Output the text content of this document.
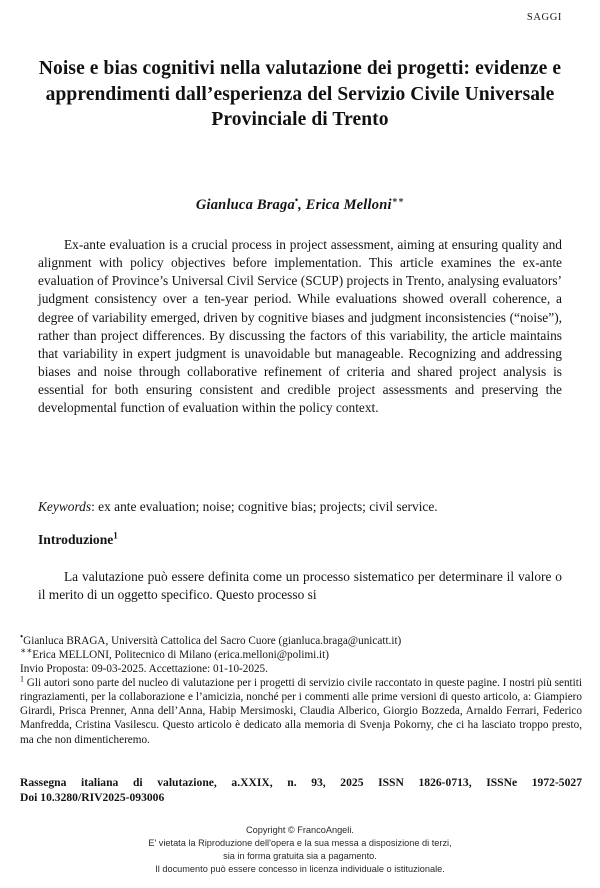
SAGGI
Noise e bias cognitivi nella valutazione dei progetti: evidenze e apprendimenti dall’esperienza del Servizio Civile Universale Provinciale di Trento
Gianluca Braga•, Erica Melloni∗∗

Ex-ante evaluation is a crucial process in project assessment, aiming at ensuring quality and alignment with policy objectives before implementation. This article examines the ex-ante evaluation of Province’s Universal Civil Service (SCUP) projects in Trento, analysing evaluators’ judgment consistency over a ten-year period. While evaluations showed overall coherence, a degree of variability emerged, driven by cognitive biases and judgment inconsistencies (“noise”), rather than project differences. By discussing the factors of this variability, the article maintains that variability in expert judgment is unavoidable but manageable. Recognizing and addressing biases and noise through collaborative refinement of criteria and shared project analysis is essential for both ensuring consistent and credible project assessments and preserving the developmental function of evaluation within the policy context.

Keywords: ex ante evaluation; noise; cognitive bias; projects; civil service.

Introduzione$^1$

La valutazione può essere definita come un processo sistematico per determinare il valore o il merito di un oggetto specifico. Questo processo si

•Gianluca BRAGA, Università Cattolica del Sacro Cuore (gianluca.braga@unicatt.it)

∗∗Erica MELLONI, Politecnico di Milano (erica.melloni@polimi.it)

Invio Proposta: 09-03-2025. Accettazione: 01-10-2025.

$^1$ Gli autori sono parte del nucleo di valutazione per i progetti di servizio civile raccontato in queste pagine. I nostri più sentiti ringraziamenti, per la collaborazione e l’amicizia, nonché per i commenti alle prime versioni di questo articolo, a: Giampiero Girardi, Prisca Prenner, Anna dell’Anna, Habip Mersimoski, Claudia Alberico, Giorgio Bozzeda, Arnaldo Ferrari, Federico Manfredda, Cristina Vasilescu. Questo articolo è dedicato alla memoria di Svenja Pokorny, che ci ha lasciato troppo presto, ma che non dimenticheremo.

Rassegna italiana di valutazione, a.XXIX, n. 93, 2025 ISSN 1826-0713, ISSNe 1972-5027
Doi 10.3280/RIV2025-093006
Copyright © FrancoAngeli.
E' vietata la Riproduzione dell'opera e la sua messa a disposizione di terzi,
sia in forma gratuita sia a pagamento.
Il documento può essere concesso in licenza individuale o istituzionale.
